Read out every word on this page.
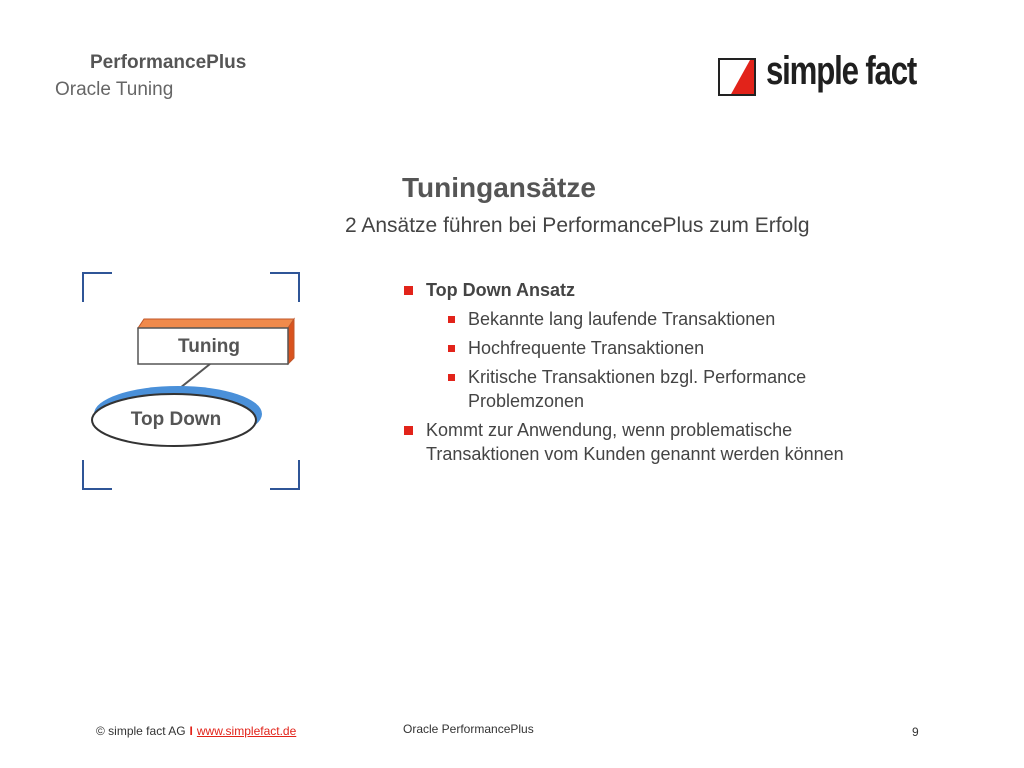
PerformancePlus
Oracle Tuning	simple fact
Tuningansätze
2 Ansätze führen bei PerformancePlus zum Erfolg
Tuning
Top Down
Top Down Ansatz
Bekannte lang laufende Transaktionen
Hochfrequente Transaktionen
Kritische Transaktionen bzgl. Performance Problemzonen
Kommt zur Anwendung, wenn problematische Transaktionen vom Kunden genannt werden können
© simple fact AG I www.simplefact.de	Oracle PerformancePlus	9
